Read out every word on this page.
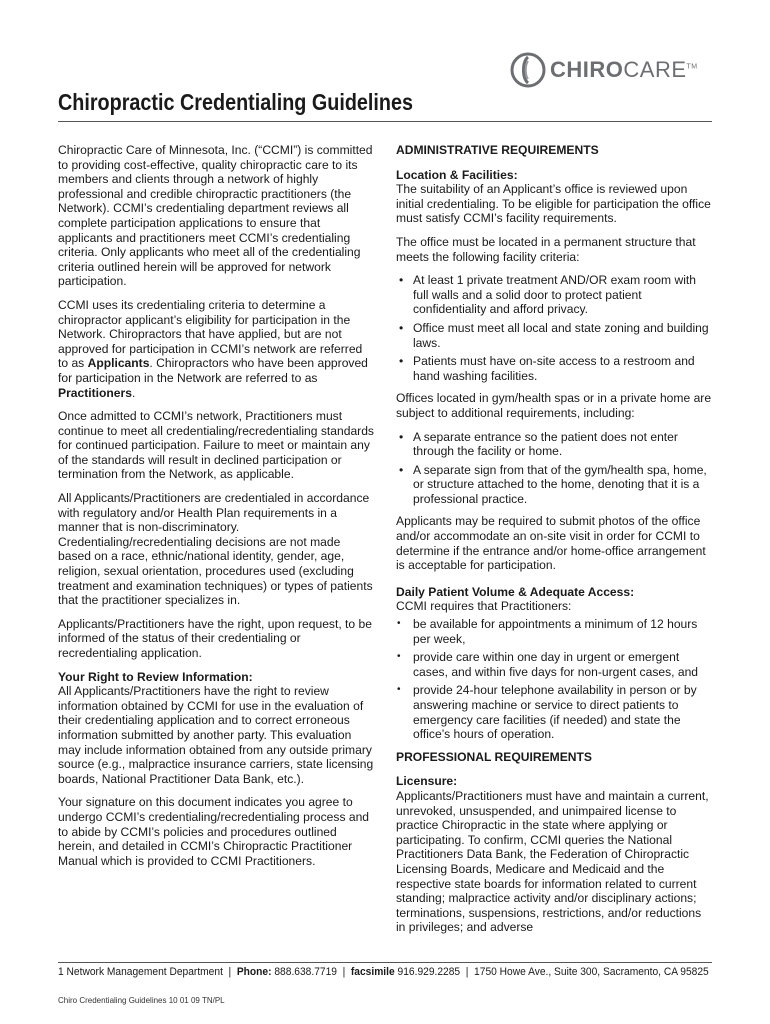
CHIROCARE™
Chiropractic Credentialing Guidelines

Chiropractic Care of Minnesota, Inc. (“CCMI”) is committed to providing cost-effective, quality chiropractic care to its members and clients through a network of highly professional and credible chiropractic practitioners (the Network). CCMI’s credentialing department reviews all complete participation applications to ensure that applicants and practitioners meet CCMI’s credentialing criteria. Only applicants who meet all of the credentialing criteria outlined herein will be approved for network participation.

CCMI uses its credentialing criteria to determine a chiropractor applicant’s eligibility for participation in the Network. Chiropractors that have applied, but are not approved for participation in CCMI’s network are referred to as Applicants. Chiropractors who have been approved for participation in the Network are referred to as Practitioners.

Once admitted to CCMI’s network, Practitioners must continue to meet all credentialing/recredentialing standards for continued participation. Failure to meet or maintain any of the standards will result in declined participation or termination from the Network, as applicable.

All Applicants/Practitioners are credentialed in accordance with regulatory and/or Health Plan requirements in a manner that is non-discriminatory. Credentialing/recredentialing decisions are not made based on a race, ethnic/national identity, gender, age, religion, sexual orientation, procedures used (excluding treatment and examination techniques) or types of patients that the practitioner specializes in.

Applicants/Practitioners have the right, upon request, to be informed of the status of their credentialing or recredentialing application.

Your Right to Review Information:

All Applicants/Practitioners have the right to review information obtained by CCMI for use in the evaluation of their credentialing application and to correct erroneous information submitted by another party. This evaluation may include information obtained from any outside primary source (e.g., malpractice insurance carriers, state licensing boards, National Practitioner Data Bank, etc.).

Your signature on this document indicates you agree to undergo CCMI’s credentialing/recredentialing process and to abide by CCMI’s policies and procedures outlined herein, and detailed in CCMI’s Chiropractic Practitioner Manual which is provided to CCMI Practitioners.

ADMINISTRATIVE REQUIREMENTS
Location & Facilities:

The suitability of an Applicant’s office is reviewed upon initial credentialing. To be eligible for participation the office must satisfy CCMI’s facility requirements.

The office must be located in a permanent structure that meets the following facility criteria:

• At least 1 private treatment AND/OR exam room with full walls and a solid door to protect patient confidentiality and afford privacy.
• Office must meet all local and state zoning and building laws.
• Patients must have on-site access to a restroom and hand washing facilities.

Offices located in gym/health spas or in a private home are subject to additional requirements, including:

• A separate entrance so the patient does not enter through the facility or home.
• A separate sign from that of the gym/health spa, home, or structure attached to the home, denoting that it is a professional practice.

Applicants may be required to submit photos of the office and/or accommodate an on-site visit in order for CCMI to determine if the entrance and/or home-office arrangement is acceptable for participation.

Daily Patient Volume & Adequate Access:

CCMI requires that Practitioners:

• be available for appointments a minimum of 12 hours per week,
• provide care within one day in urgent or emergent cases, and within five days for non-urgent cases, and
• provide 24-hour telephone availability in person or by answering machine or service to direct patients to emergency care facilities (if needed) and state the office’s hours of operation.
PROFESSIONAL REQUIREMENTS
Licensure:

Applicants/Practitioners must have and maintain a current, unrevoked, unsuspended, and unimpaired license to practice Chiropractic in the state where applying or participating. To confirm, CCMI queries the National Practitioners Data Bank, the Federation of Chiropractic Licensing Boards, Medicare and Medicaid and the respective state boards for information related to current standing; malpractice activity and/or disciplinary actions; terminations, suspensions, restrictions, and/or reductions in privileges; and adverse

1 Network Management Department | Phone: 888.638.7719 | facsimile 916.929.2285 | 1750 Howe Ave., Suite 300, Sacramento, CA 95825
Chiro Credentialing Guidelines 10 01 09 TN/PL
